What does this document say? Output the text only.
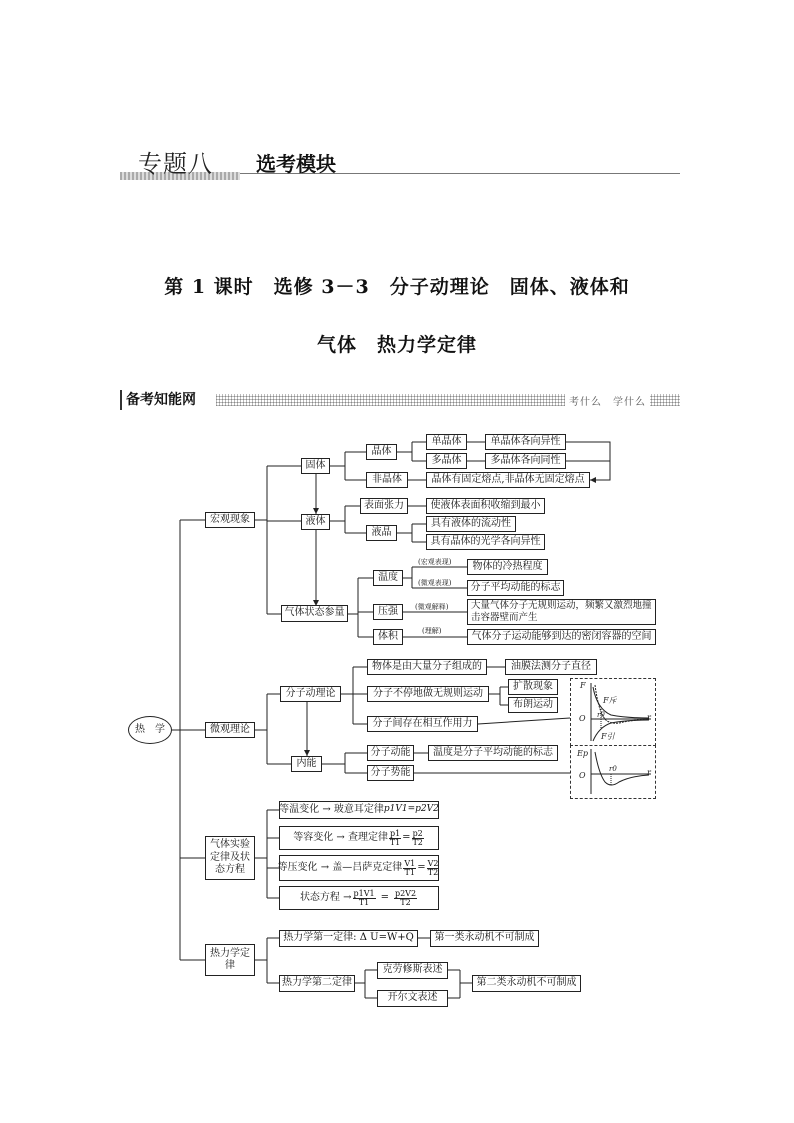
专题八 选考模块
第 1 课时　选修 3－3　分子动理论　固体、液体和
气体　热力学定律
备考知能网	考什么　学什么
热　学
宏观现象
固体
晶体
单晶体	单晶体各向异性
多晶体	多晶体各向同性
非晶体	晶体有固定熔点,非晶体无固定熔点
液体
表面张力	使液体表面积收缩到最小
液晶
具有液体的流动性
具有晶体的光学各向异性
气体状态参量
温度
(宏观表现)	物体的冷热程度
(微观表现)	分子平均动能的标志
压强	(微观解释)	大量气体分子无规则运动，频繁又激烈地撞击容器壁而产生
体积	(理解)	气体分子运动能够到达的密闭容器的空间
微观理论
分子动理论
物体是由大量分子组成的	油膜法测分子直径
分子不停地做无规则运动
扩散现象
布朗运动
分子间存在相互作用力
内能
分子动能	温度是分子平均动能的标志
分子势能
F
F斥
O r0	r
F引
Ep
O
r0	r
气体实验定律及状态方程
等温变化 → 玻意耳定律 p1V1=p2V2
等容变化 → 查理定律 $\frac{p1}{T1} = \frac{p2}{T2}$
等压变化 → 盖—吕萨克定律 $\frac{V1}{T1} = \frac{V2}{T2}$
状态方程 → $\frac{p1V1}{T1} = \frac{p2V2}{T2}$
热力学定律
热力学第一定律: Δ U=W+Q	第一类永动机不可制成
热力学第二定律
克劳修斯表述
开尔文表述
第二类永动机不可制成
